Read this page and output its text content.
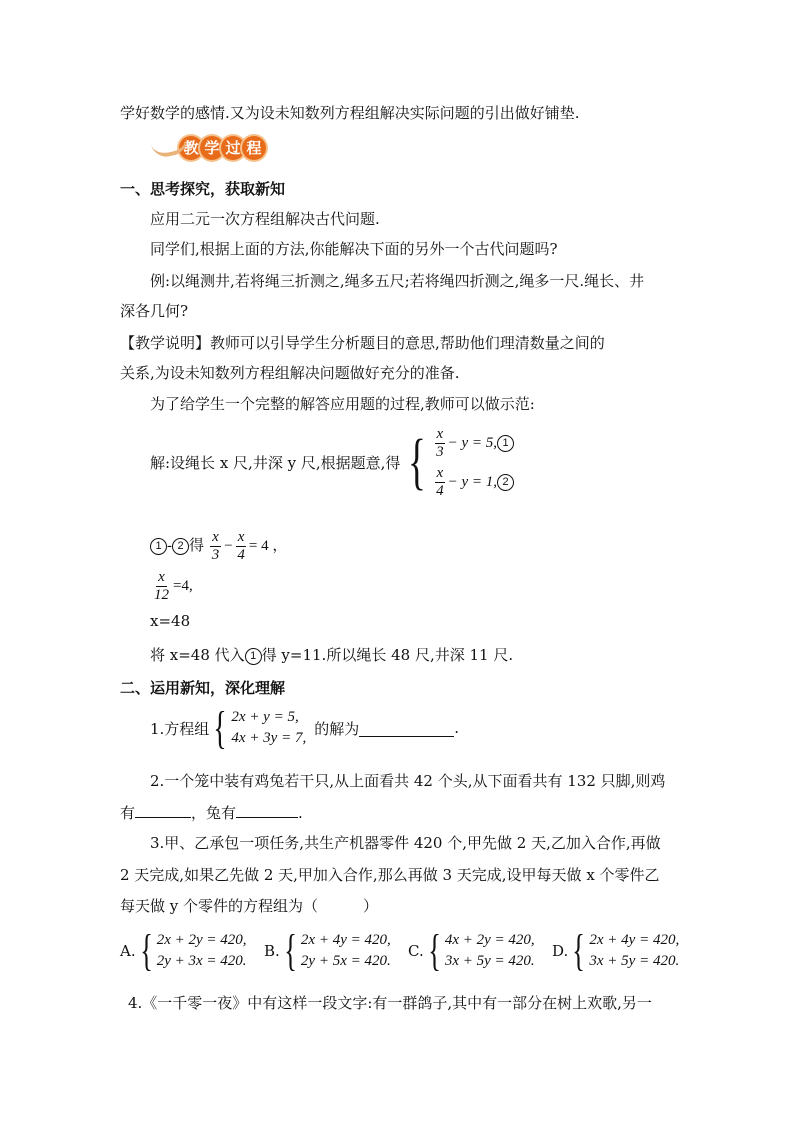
学好数学的感情.又为设未知数列方程组解决实际问题的引出做好铺垫.
教 学 过 程
一、思考探究，获取新知
应用二元一次方程组解决古代问题.
同学们,根据上面的方法,你能解决下面的另外一个古代问题吗?
例:以绳测井,若将绳三折测之,绳多五尺;若将绳四折测之,绳多一尺.绳长、井
深各几何?
【教学说明】教师可以引导学生分析题目的意思,帮助他们理清数量之间的
关系,为设未知数列方程组解决问题做好充分的准备.
为了给学生一个完整的解答应用题的过程,教师可以做示范:
解:设绳长 x 尺,井深 y 尺,根据题意,得 { $\frac{x}{3} - y = 5$, 1
$\frac{x}{4} - y = 1$, 2
1 - 2 得 $\frac{x}{3} - \frac{x}{4} = 4$ ，
$\frac{x}{12} =4$,
x=48
将 x=48 代入 1 得 y=11.所以绳长 48 尺,井深 11 尺.
二、运用新知，深化理解
1.方程组 { 2x + y = 5,
4x + 3y = 7,
的解为	.
2.一个笼中装有鸡兔若干只,从上面看共 42 个头,从下面看共有 132 只脚,则鸡
有	，兔有	.
3.甲、乙承包一项任务,共生产机器零件 420 个,甲先做 2 天,乙加入合作,再做
2 天完成,如果乙先做 2 天,甲加入合作,那么再做 3 天完成,设甲每天做 x 个零件乙
每天做 y 个零件的方程组为（　　　）
A. { 2x + 2y = 420,
2y + 3x = 420.
B. { 2x + 4y = 420,
2y + 5x = 420.
C. { 4x + 2y = 420,
3x + 5y = 420.
D. { 2x + 4y = 420,
3x + 5y = 420.
4.《一千零一夜》中有这样一段文字:有一群鸽子,其中有一部分在树上欢歌,另一
